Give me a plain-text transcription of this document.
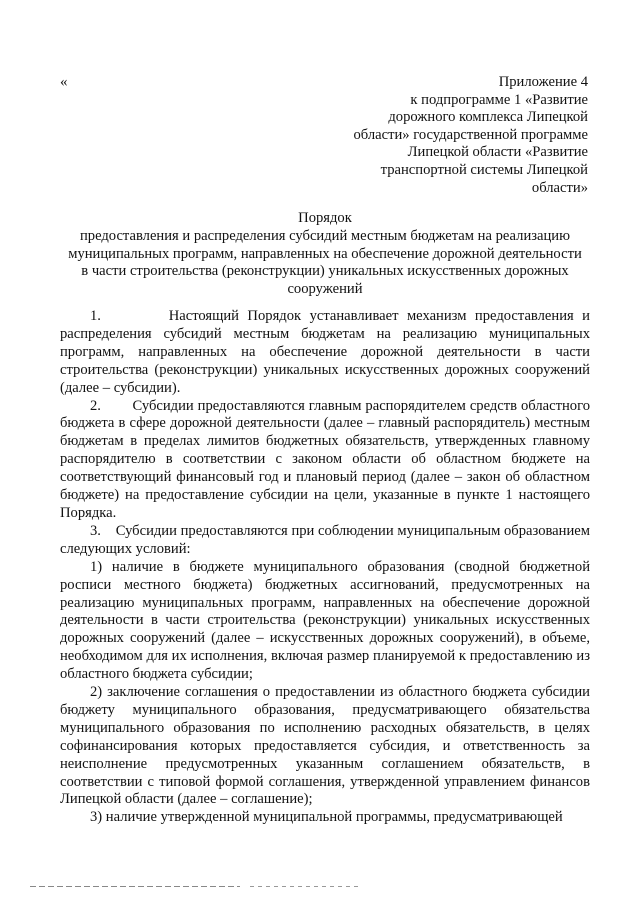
«	Приложение 4
к подпрограмме 1 «Развитие
дорожного комплекса Липецкой
области» государственной программе
Липецкой области «Развитие
транспортной системы Липецкой
области»
Порядок
предоставления и распределения субсидий местным бюджетам на реализацию
муниципальных программ, направленных на обеспечение дорожной деятельности
в части строительства (реконструкции) уникальных искусственных дорожных
сооружений

1.        Настоящий Порядок устанавливает механизм предоставления и распределения субсидий местным бюджетам на реализацию муниципальных программ, направленных на обеспечение дорожной деятельности в части строительства (реконструкции) уникальных искусственных дорожных сооружений (далее – субсидии).

2.        Субсидии предоставляются главным распорядителем средств областного бюджета в сфере дорожной деятельности (далее – главный распорядитель) местным бюджетам в пределах лимитов бюджетных обязательств, утвержденных главному распорядителю в соответствии с законом области об областном бюджете на соответствующий финансовый год и плановый период (далее – закон об областном бюджете) на предоставление субсидии на цели, указанные в пункте 1 настоящего Порядка.

3.    Субсидии предоставляются при соблюдении муниципальным образованием следующих условий:

1) наличие в бюджете муниципального образования (сводной бюджетной росписи местного бюджета) бюджетных ассигнований, предусмотренных на реализацию муниципальных программ, направленных на обеспечение дорожной деятельности в части строительства (реконструкции) уникальных искусственных дорожных сооружений (далее – искусственных дорожных сооружений), в объеме, необходимом для их исполнения, включая размер планируемой к предоставлению из областного бюджета субсидии;

2) заключение соглашения о предоставлении из областного бюджета субсидии бюджету муниципального образования, предусматривающего обязательства муниципального образования по исполнению расходных обязательств, в целях софинансирования которых предоставляется субсидия, и ответственность за неисполнение предусмотренных указанным соглашением обязательств, в соответствии с типовой формой соглашения, утвержденной управлением финансов Липецкой области (далее – соглашение);

3) наличие утвержденной муниципальной программы, предусматривающей
